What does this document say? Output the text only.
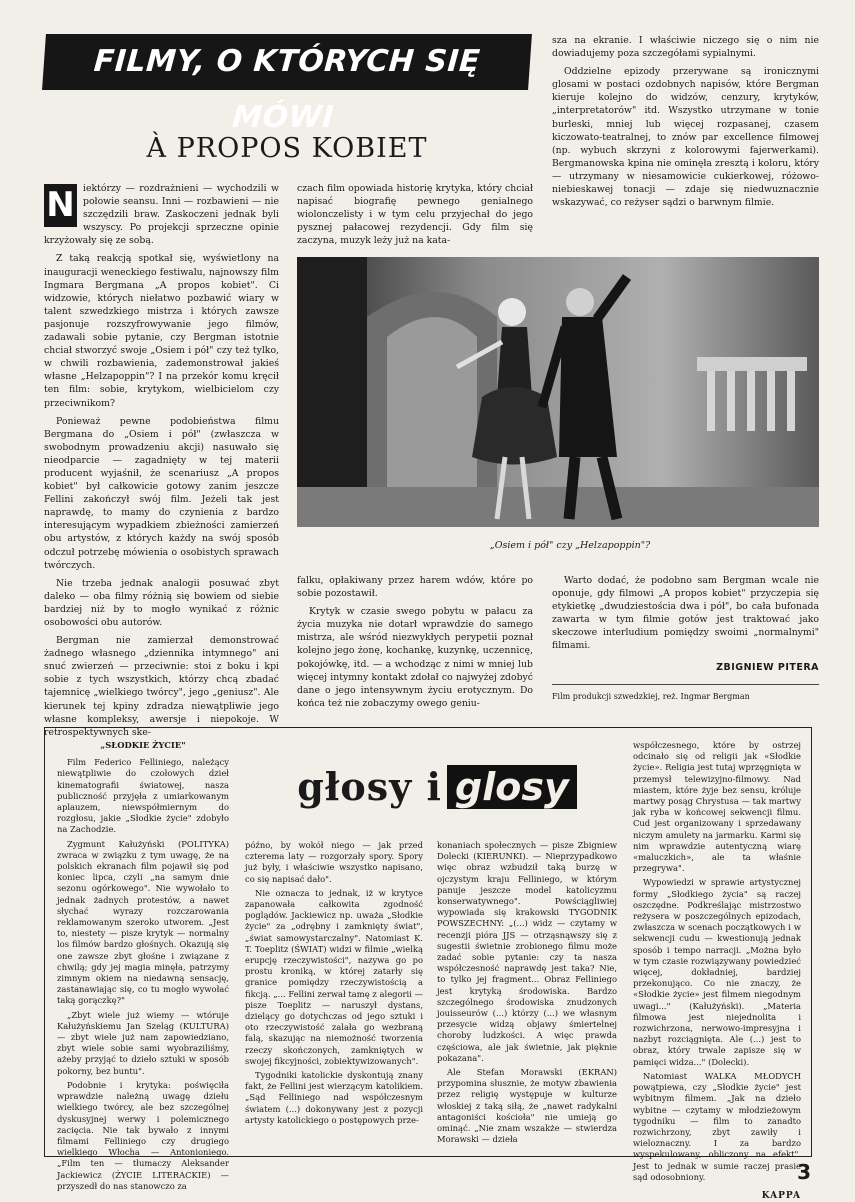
FILMY, O KTÓRYCH SIĘ MÓWI
À PROPOS KOBIET

N iektórzy — rozdrażnieni — wychodzili w połowie seansu. Inni — rozbawieni — nie szczędzili braw. Zaskoczeni jednak byli wszyscy. Po projekcji sprzeczne opinie krzyżowały się ze sobą.

Z taką reakcją spotkał się, wyświetlony na inauguracji weneckiego festiwalu, najnowszy film Ingmara Bergmana „A propos kobiet". Ci widzowie, których niełatwo pozbawić wiary w talent szwedzkiego mistrza i których zawsze pasjonuje rozszyfrowywanie jego filmów, zadawali sobie pytanie, czy Bergman istotnie chciał stworzyć swoje „Osiem i pół" czy też tylko, w chwili rozbawienia, zademonstrował jakieś własne „Helzapoppin"? I na przekór komu kręcił ten film: sobie, krytykom, wielbicielom czy przeciwnikom?

Ponieważ pewne podobieństwa filmu Bergmana do „Osiem i pół" (zwłaszcza w swobodnym prowadzeniu akcji) nasuwało się nieodparcie — zagadnięty w tej materii producent wyjaśnił, że scenariusz „A propos kobiet" był całkowicie gotowy zanim jeszcze Fellini zakończył swój film. Jeżeli tak jest naprawdę, to mamy do czynienia z bardzo interesującym wypadkiem zbieżności zamierzeń obu artystów, z których każdy na swój sposób odczuł potrzebę mówienia o osobistych sprawach twórczych.

Nie trzeba jednak analogii posuwać zbyt daleko — oba filmy różnią się bowiem od siebie bardziej niż by to mogło wynikać z różnic osobowości obu autorów.

Bergman nie zamierzał demonstrować żadnego własnego „dziennika intymnego" ani snuć zwierzeń — przeciwnie: stoi z boku i kpi sobie z tych wszystkich, którzy chcą zbadać tajemnicę „wielkiego twórcy", jego „geniusz". Ale kierunek tej kpiny zdradza niewątpliwie jego własne kompleksy, awersje i niepokoje. W retrospektywnych ske-

czach film opowiada historię krytyka, który chciał napisać biografię pewnego genialnego wiolonczelisty i w tym celu przyjechał do jego pysznej pałacowej rezydencji. Gdy film się zaczyna, muzyk leży już na kata-

sza na ekranie. I właściwie niczego się o nim nie dowiadujemy poza szczegółami sypialnymi.

Oddzielne epizody przerywane są ironicznymi glosami w postaci ozdobnych napisów, które Bergman kieruje kolejno do widzów, cenzury, krytyków, „interpretatorów" itd. Wszystko utrzymane w tonie burleski, mniej lub więcej rozpasanej, czasem kiczowato-teatralnej, to znów par excellence filmowej (np. wybuch skrzyni z kolorowymi fajerwerkami). Bergmanowska kpina nie ominęła zresztą i koloru, który — utrzymany w niesamowicie cukierkowej, różowo-niebieskawej tonacji — zdaje się niedwuznacznie wskazywać, co reżyser sądzi o barwnym filmie.

„Osiem i pół" czy „Helzapoppin"?

falku, opłakiwany przez harem wdów, które po sobie pozostawił.

Krytyk w czasie swego pobytu w pałacu za życia muzyka nie dotarł wprawdzie do samego mistrza, ale wśród niezwykłych perypetii poznał kolejno jego żonę, kochankę, kuzynkę, uczennicę, pokojówkę, itd. — a wchodząc z nimi w mniej lub więcej intymny kontakt zdołał co najwyżej zdobyć dane o jego intensywnym życiu erotycznym. Do końca też nie zobaczymy owego geniu-

Warto dodać, że podobno sam Bergman wcale nie oponuje, gdy filmowi „A propos kobiet" przyczepia się etykietkę „dwudziestościa dwa i pół", bo cała bufonada zawarta w tym filmie gotów jest traktować jako skeczowe interludium pomiędzy swoimi „normalnymi" filmami.

ZBIGNIEW PITERA
Film produkcji szwedzkiej, reż. Ingmar Bergman

„SŁODKIE ŻYCIE"

Film Federico Felliniego, należący niewątpliwie do czołowych dzieł kinematografii światowej, nasza publiczność przyjęła z umiarkowanym aplauzem, niewspółmiernym do rozgłosu, jakie „Słodkie życie" zdobyło na Zachodzie.

Zygmunt Kałużyński (POLITYKA) zwraca w związku z tym uwagę, że na polskich ekranach film pojawił się pod koniec lipca, czyli „na samym dnie sezonu ogórkowego". Nie wywołało to jednak żadnych protestów, a nawet słychać wyrazy rozczarowania reklamowanym szeroko utworem. „Jest to, niestety — pisze krytyk — normalny los filmów bardzo głośnych. Okazują się one zawsze zbyt głośne i związane z chwilą; gdy jej magia minęła, patrzymy zimnym okiem na niedawną sensację, zastanawiając się, co tu mogło wywołać taką gorączkę?"

„Zbyt wiele już wiemy — wtóruje Kałużyńskiemu Jan Szeląg (KULTURA) — zbyt wiele już nam zapowiedziano, zbyt wiele sobie sami wyobraziliśmy, ażeby przyjąć to dzieło sztuki w sposób pokorny, bez buntu".

Podobnie i krytyka: poświęciła wprawdzie należną uwagę dziełu wielkiego twórcy, ale bez szczególnej dyskusyjnej werwy i polemicznego zacięcia. Nie tak bywało z innymi filmami Felliniego czy drugiego wielkiego Włocha — Antonioniego. „Film ten — tłumaczy Aleksander Jackiewicz (ŻYCIE LITERACKIE) — przyszedł do nas stanowczo za

głosy i glosy

późno, by wokół niego — jak przed czterema laty — rozgorzały spory. Spory już były, i właściwie wszystko napisano, co się napisać dało".

Nie oznacza to jednak, iż w krytyce zapanowała całkowita zgodność poglądów. Jackiewicz np. uważa „Słodkie życie" za „odrębny i zamknięty świat", „świat samowystarczalny". Natomiast K. T. Toeplitz (ŚWIAT) widzi w filmie „wielką erupcję rzeczywistości", nazywa go po prostu kroniką, w której zatarły się granice pomiędzy rzeczywistością a fikcją. „... Fellini zerwał tamę z alegorii — pisze Toeplitz — naruszył dystans, dzielący go dotychczas od jego sztuki i oto rzeczywistość zalała go wezbraną falą, skazując na niemożność tworzenia rzeczy skończonych, zamkniętych w swojej fikcyjności, zobiektywizowanych".

Tygodniki katolickie dyskontują znany fakt, że Fellini jest wierzącym katolikiem. „Sąd Felliniego nad współczesnym światem (...) dokonywany jest z pozycji artysty katolickiego o postępowych prze-

konaniach społecznych — pisze Zbigniew Dolecki (KIERUNKI). — Nieprzypadkowo więc obraz wzbudził taką burzę w ojczystym kraju Felliniego, w którym panuje jeszcze model katolicyzmu konserwatywnego". Powściągliwiej wypowiada się krakowski TYGODNIK POWSZECHNY: „(...) widz — czytamy w recenzji pióra JJS — otrząsnąwszy się z sugestii świetnie zrobionego filmu może zadać sobie pytanie: czy ta nasza współczesność naprawdę jest taka? Nie, to tylko jej fragment... Obraz Felliniego jest krytyką środowiska. Bardzo szczególnego środowiska znudzonych jouisseurów (...) którzy (...) we własnym przesycie widzą objawy śmiertelnej choroby ludzkości. A więc prawda częściowa, ale jak świetnie, jak pięknie pokazana".

Ale Stefan Morawski (EKRAN) przypomina słusznie, że motyw zbawienia przez religię występuje w kulturze włoskiej z taką siłą, że „nawet radykalni antagoniści kościoła" nie umieją go ominąć. „Nie znam wszakże — stwierdza Morawski — dzieła

współczesnego, które by ostrzej odcinało się od religii jak «Słodkie życie». Religia jest tutaj wprzęgnięta w przemysł telewizyjno-filmowy. Nad miastem, które żyje bez sensu, króluje martwy posąg Chrystusa — tak martwy jak ryba w końcowej sekwencji filmu. Cud jest organizowany i sprzedawany niczym amulety na jarmarku. Karmi się nim wprawdzie autentyczną wiarę «maluczkich», ale ta właśnie przegrywa".

Wypowiedzi w sprawie artystycznej formy „Słodkiego życia" są raczej oszczędne. Podkreślając mistrzostwo reżysera w poszczególnych epizodach, zwłaszcza w scenach początkowych i w sekwencji cudu — kwestionują jednak sposób i tempo narracji. „Można było w tym czasie rozwiązywany powiedzieć więcej, dokładniej, bardziej przekonująco. Co nie znaczy, że «Słodkie życie» jest filmem niegodnym uwagi..." (Kałużyński). „Materia filmowa jest niejednolita i rozwichrzona, nerwowo-impresyjna i nazbyt rozciągnięta. Ale (...) jest to obraz, który trwale zapisze się w pamięci widza..." (Dolecki).

Natomiast WALKA MŁODYCH powątpiewa, czy „Słodkie życie" jest wybitnym filmem. „Jak na dzieło wybitne — czytamy w młodzieżowym tygodniku — film to zanadto rozwichrzony, zbyt zawiły i wieloznaczny. I za bardzo wyspekulowany, obliczony na efekt". Jest to jednak w sumie raczej prasie sąd odosobniony.

KAPPA
3
